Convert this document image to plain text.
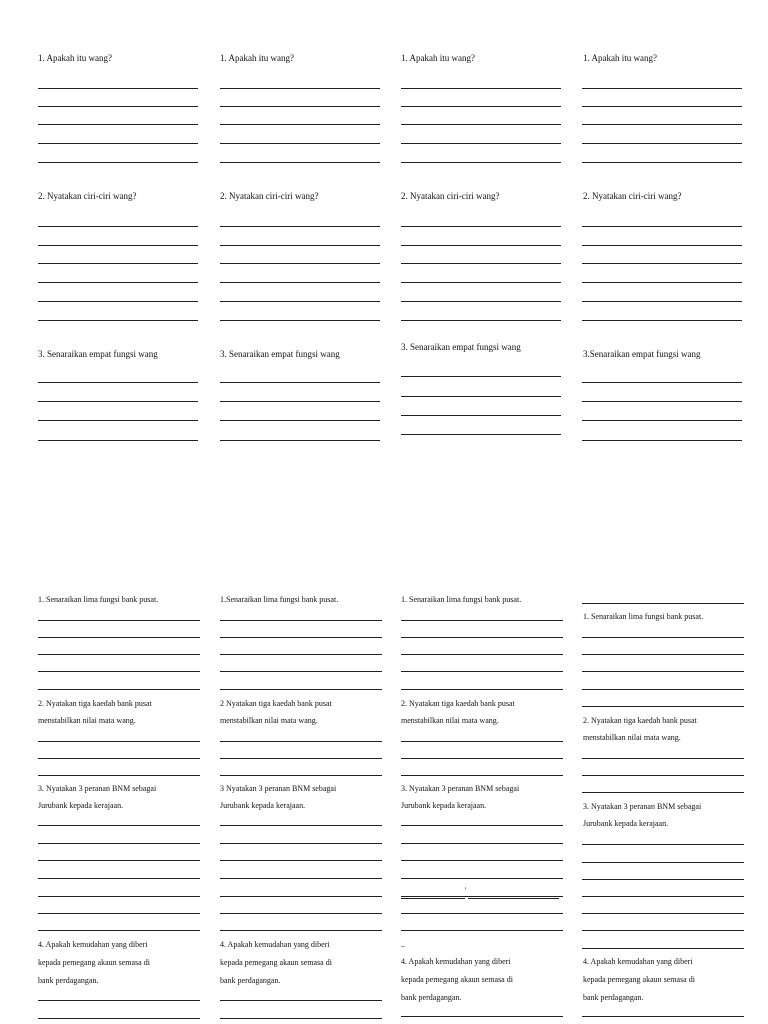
1. Apakah itu wang?	1. Apakah itu wang?	1. Apakah itu wang?	1. Apakah itu wang?

2. Nyatakan ciri-ciri wang?	2. Nyatakan ciri-ciri wang?	2. Nyatakan ciri-ciri wang?	2. Nyatakan ciri-ciri wang?

3. Senaraikan empat fungsi wang	3. Senaraikan empat fungsi wang

3. Senaraikan empat fungsi wang

3.Senaraikan empat fungsi wang

1. Senaraikan lima fungsi bank pusat.	1.Senaraikan lima fungsi bank pusat.	1. Senaraikan lima fungsi bank pusat.

1. Senaraikan lima fungsi bank pusat.

2. Nyatakan tiga kaedah bank pusat

menstabilkan nilai mata wang.

2 Nyatakan tiga kaedah bank pusat

menstabilkan nilai mata wang.

2. Nyatakan tiga kaedah bank pusat

menstabilkan nilai mata wang.	2. Nyatakan tiga kaedah bank pusat

menstabilkan nilai mata wang.

3. Nyatakan 3 peranan BNM sebagai

Jurubank kepada kerajaan.

3 Nyatakan 3 peranan BNM sebagai

Jurubank kepada kerajaan.

3. Nyatakan 3 peranan BNM sebagai

Jurubank kepada kerajaan.	3. Nyatakan 3 peranan BNM sebagai

Jurubank kepada kerajaan.

4. Apakah kemudahan yang diberi

kepada pemegang akaun semasa di

bank perdagangan.

4. Apakah kemudahan yang diberi

kepada pemegang akaun semasa di

bank perdagangan.

4. Apakah kemudahan yang diberi

kepada pemegang akaun semasa di

bank perdagangan.

4. Apakah kemudahan yang diberi

kepada pemegang akaun semasa di

bank perdagangan.

'
_
